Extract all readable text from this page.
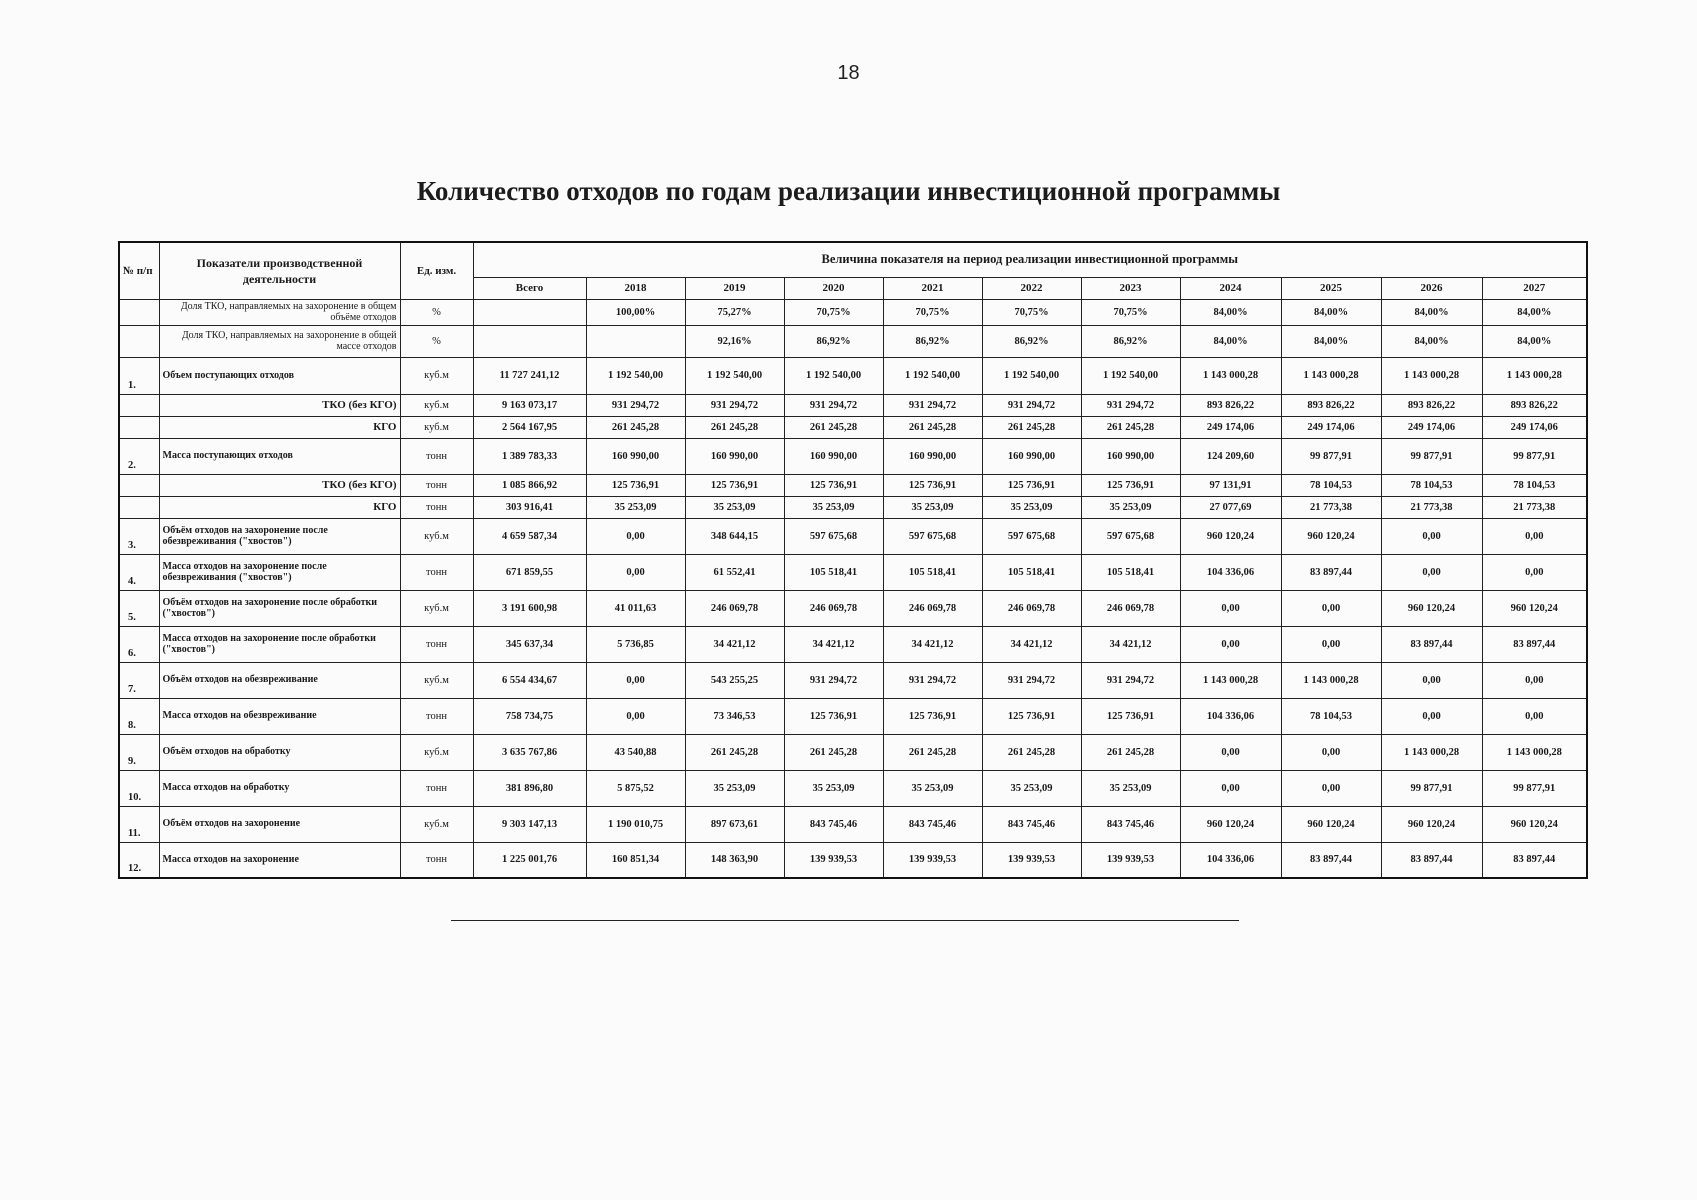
18
Количество отходов по годам реализации инвестиционной программы
№ п/п	Показатели производственной деятельности	Ед. изм.	Величина показателя на период реализации инвестиционной программы										
			Всего	2018	2019	2020	2021	2022	2023	2024	2025	2026	2027
	Доля ТКО, направляемых на захоронение в общем объёме отходов	%		100,00%	75,27%	70,75%	70,75%	70,75%	70,75%	84,00%	84,00%	84,00%	84,00%
	Доля ТКО, направляемых на захоронение в общей массе отходов	%			92,16%	86,92%	86,92%	86,92%	86,92%	84,00%	84,00%	84,00%	84,00%
1.	Объем поступающих отходов	куб.м	11 727 241,12	1 192 540,00	1 192 540,00	1 192 540,00	1 192 540,00	1 192 540,00	1 192 540,00	1 143 000,28	1 143 000,28	1 143 000,28	1 143 000,28
	ТКО (без КГО)	куб.м	9 163 073,17	931 294,72	931 294,72	931 294,72	931 294,72	931 294,72	931 294,72	893 826,22	893 826,22	893 826,22	893 826,22
	КГО	куб.м	2 564 167,95	261 245,28	261 245,28	261 245,28	261 245,28	261 245,28	261 245,28	249 174,06	249 174,06	249 174,06	249 174,06
2.	Масса поступающих отходов	тонн	1 389 783,33	160 990,00	160 990,00	160 990,00	160 990,00	160 990,00	160 990,00	124 209,60	99 877,91	99 877,91	99 877,91
	ТКО (без КГО)	тонн	1 085 866,92	125 736,91	125 736,91	125 736,91	125 736,91	125 736,91	125 736,91	97 131,91	78 104,53	78 104,53	78 104,53
	КГО	тонн	303 916,41	35 253,09	35 253,09	35 253,09	35 253,09	35 253,09	35 253,09	27 077,69	21 773,38	21 773,38	21 773,38
3.	Объём отходов на захоронение после обезвреживания ("хвостов")	куб.м	4 659 587,34	0,00	348 644,15	597 675,68	597 675,68	597 675,68	597 675,68	960 120,24	960 120,24	0,00	0,00
4.	Масса отходов на захоронение после обезвреживания ("хвостов")	тонн	671 859,55	0,00	61 552,41	105 518,41	105 518,41	105 518,41	105 518,41	104 336,06	83 897,44	0,00	0,00
5.	Объём отходов на захоронение после обработки ("хвостов")	куб.м	3 191 600,98	41 011,63	246 069,78	246 069,78	246 069,78	246 069,78	246 069,78	0,00	0,00	960 120,24	960 120,24
6.	Масса отходов на захоронение после обработки ("хвостов")	тонн	345 637,34	5 736,85	34 421,12	34 421,12	34 421,12	34 421,12	34 421,12	0,00	0,00	83 897,44	83 897,44
7.	Объём отходов на обезвреживание	куб.м	6 554 434,67	0,00	543 255,25	931 294,72	931 294,72	931 294,72	931 294,72	1 143 000,28	1 143 000,28	0,00	0,00
8.	Масса отходов на обезвреживание	тонн	758 734,75	0,00	73 346,53	125 736,91	125 736,91	125 736,91	125 736,91	104 336,06	78 104,53	0,00	0,00
9.	Объём отходов на обработку	куб.м	3 635 767,86	43 540,88	261 245,28	261 245,28	261 245,28	261 245,28	261 245,28	0,00	0,00	1 143 000,28	1 143 000,28
10.	Масса отходов на обработку	тонн	381 896,80	5 875,52	35 253,09	35 253,09	35 253,09	35 253,09	35 253,09	0,00	0,00	99 877,91	99 877,91
11.	Объём отходов на захоронение	куб.м	9 303 147,13	1 190 010,75	897 673,61	843 745,46	843 745,46	843 745,46	843 745,46	960 120,24	960 120,24	960 120,24	960 120,24
12.	Масса отходов на захоронение	тонн	1 225 001,76	160 851,34	148 363,90	139 939,53	139 939,53	139 939,53	139 939,53	104 336,06	83 897,44	83 897,44	83 897,44
